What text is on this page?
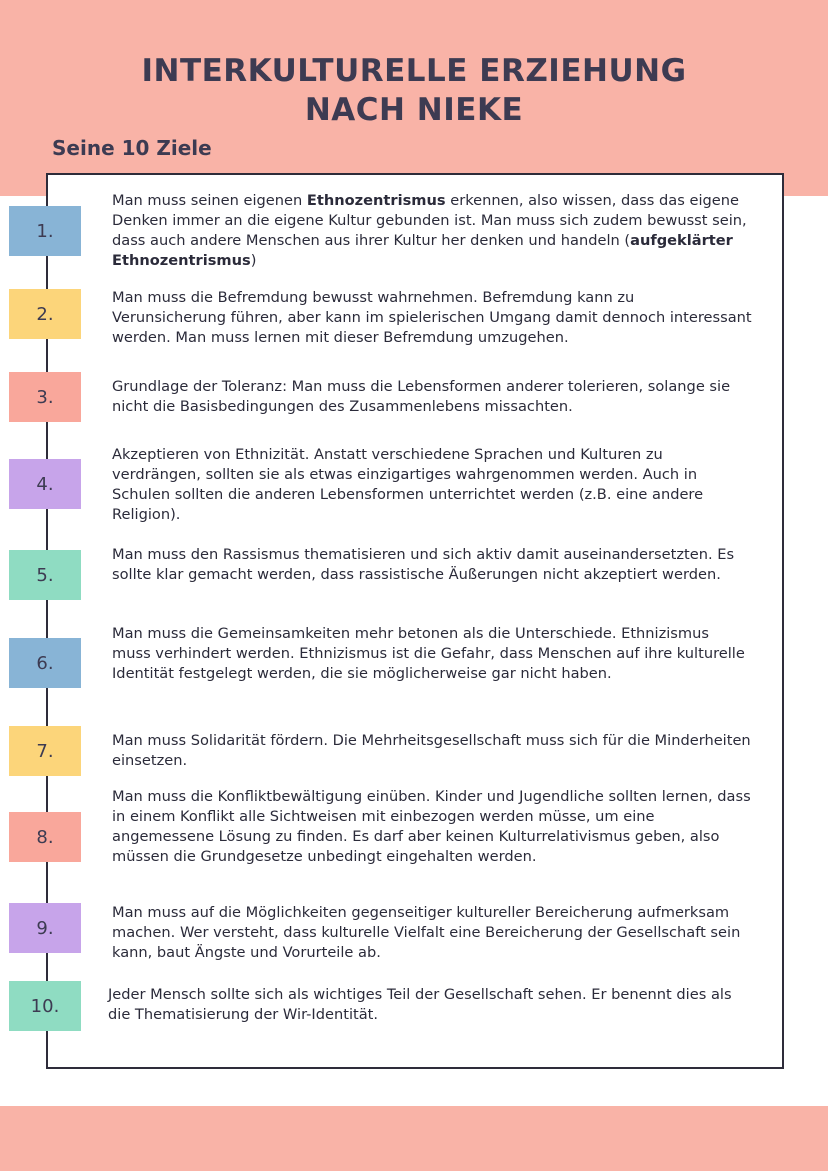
INTERKULTURELLE ERZIEHUNG
NACH NIEKE
Seine 10 Ziele
1.
Man muss seinen eigenen Ethnozentrismus erkennen, also wissen, dass das eigene Denken immer an die eigene Kultur gebunden ist. Man muss sich zudem bewusst sein, dass auch andere Menschen aus ihrer Kultur her denken und handeln (aufgeklärter Ethnozentrismus)
2.
Man muss die Befremdung bewusst wahrnehmen. Befremdung kann zu Verunsicherung führen, aber kann im spielerischen Umgang damit dennoch interessant werden. Man muss lernen mit dieser Befremdung umzugehen.
3.	Grundlage der Toleranz: Man muss die Lebensformen anderer tolerieren, solange sie nicht die Basisbedingungen des Zusammenlebens missachten.
4.
Akzeptieren von Ethnizität. Anstatt verschiedene Sprachen und Kulturen zu verdrängen, sollten sie als etwas einzigartiges wahrgenommen werden. Auch in Schulen sollten die anderen Lebensformen unterrichtet werden (z.B. eine andere Religion).
5.
Man muss den Rassismus thematisieren und sich aktiv damit auseinandersetzten. Es sollte klar gemacht werden, dass rassistische Äußerungen nicht akzeptiert werden.
6.
Man muss die Gemeinsamkeiten mehr betonen als die Unterschiede. Ethnizismus muss verhindert werden. Ethnizismus ist die Gefahr, dass Menschen auf ihre kulturelle Identität festgelegt werden, die sie möglicherweise gar nicht haben.
7.	Man muss Solidarität fördern. Die Mehrheitsgesellschaft muss sich für die Minderheiten einsetzen.
8.
Man muss die Konfliktbewältigung einüben. Kinder und Jugendliche sollten lernen, dass in einem Konflikt alle Sichtweisen mit einbezogen werden müsse, um eine angemessene Lösung zu finden. Es darf aber keinen Kulturrelativismus geben, also müssen die Grundgesetze unbedingt eingehalten werden.
9.
Man muss auf die Möglichkeiten gegenseitiger kultureller Bereicherung aufmerksam machen. Wer versteht, dass kulturelle Vielfalt eine Bereicherung der Gesellschaft sein kann, baut Ängste und Vorurteile ab.
10.
Jeder Mensch sollte sich als wichtiges Teil der Gesellschaft sehen. Er benennt dies als die Thematisierung der Wir-Identität.
